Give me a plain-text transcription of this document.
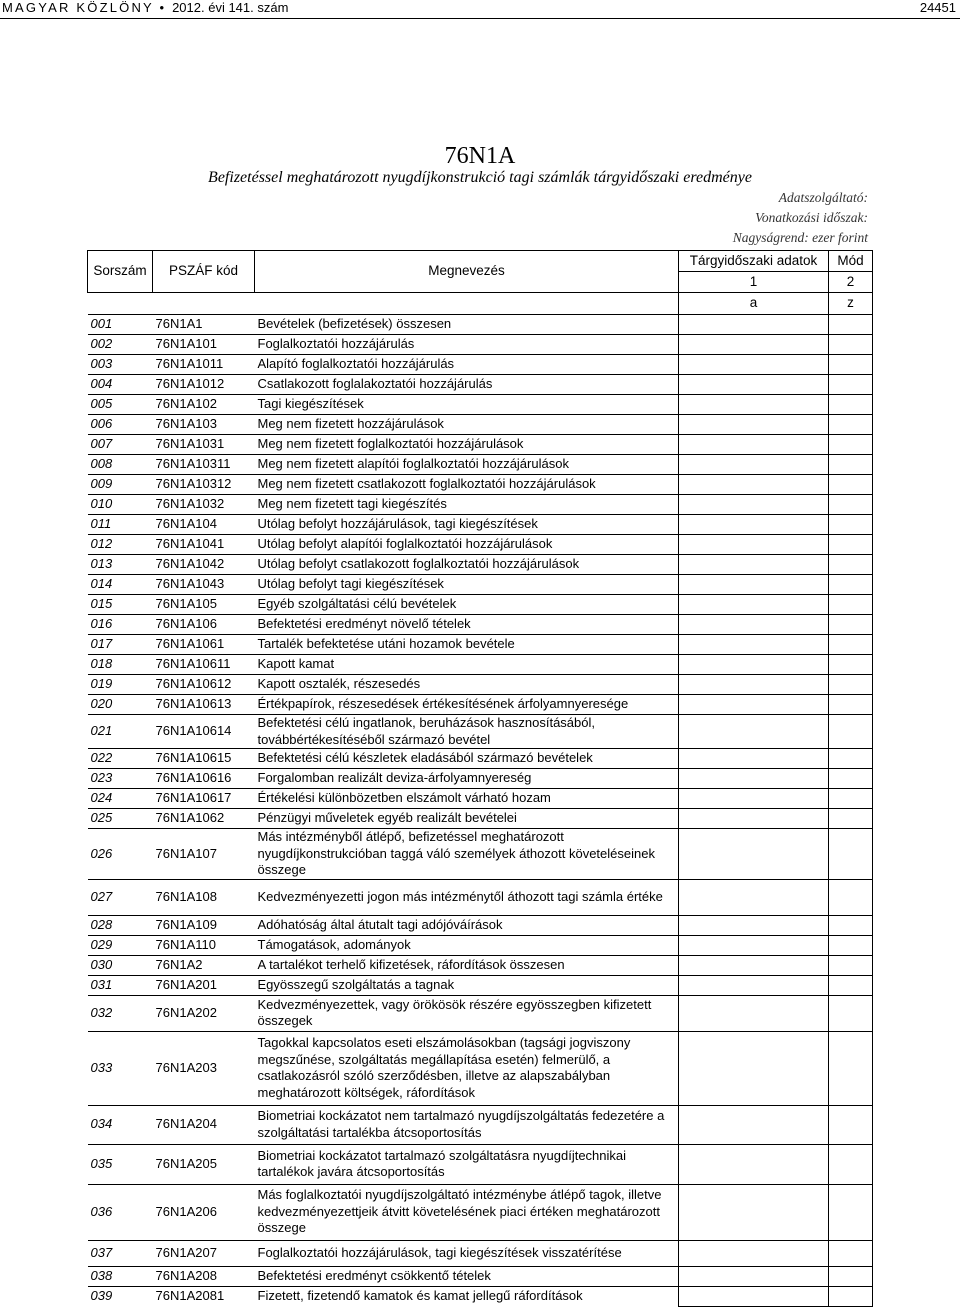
MAGYAR KÖZLÖNY • 2012. évi 141. szám	24451
76N1A
Befizetéssel meghatározott nyugdíjkonstrukció tagi számlák tárgyidőszaki eredménye
Adatszolgáltató:
Vonatkozási időszak:
Nagyságrend: ezer forint
Sorszám	PSZÁF kód	Megnevezés	Tárgyidőszaki adatok	Mód
			1	2
			a	z
001	76N1A1	Bevételek (befizetések) összesen		
002	76N1A101	Foglalkoztatói hozzájárulás		
003	76N1A1011	Alapító foglalkoztatói hozzájárulás		
004	76N1A1012	Csatlakozott foglalakoztatói hozzájárulás		
005	76N1A102	Tagi kiegészítések		
006	76N1A103	Meg nem fizetett hozzájárulások		
007	76N1A1031	Meg nem fizetett foglalkoztatói hozzájárulások		
008	76N1A10311	Meg nem fizetett alapítói foglalkoztatói hozzájárulások		
009	76N1A10312	Meg nem fizetett csatlakozott foglalkoztatói hozzájárulások		
010	76N1A1032	Meg nem fizetett tagi kiegészítés		
011	76N1A104	Utólag befolyt hozzájárulások, tagi kiegészítések		
012	76N1A1041	Utólag befolyt alapítói foglalkoztatói hozzájárulások		
013	76N1A1042	Utólag befolyt csatlakozott foglalkoztatói hozzájárulások		
014	76N1A1043	Utólag befolyt tagi kiegészítések		
015	76N1A105	Egyéb szolgáltatási célú bevételek		
016	76N1A106	Befektetési eredményt növelő tételek		
017	76N1A1061	Tartalék befektetése utáni hozamok bevétele		
018	76N1A10611	Kapott kamat		
019	76N1A10612	Kapott osztalék, részesedés		
020	76N1A10613	Értékpapírok, részesedések értékesítésének árfolyamnyeresége		
021	76N1A10614	Befektetési célú ingatlanok, beruházások hasznosításából, továbbértékesítéséből származó bevétel		
022	76N1A10615	Befektetési célú készletek eladásából származó bevételek		
023	76N1A10616	Forgalomban realizált deviza-árfolyamnyereség		
024	76N1A10617	Értékelési különbözetben elszámolt várható hozam		
025	76N1A1062	Pénzügyi műveletek egyéb realizált bevételei		
026	76N1A107	Más intézményből átlépő, befizetéssel meghatározott nyugdíjkonstrukcióban taggá váló személyek áthozott követeléseinek összege		
027	76N1A108	Kedvezményezetti jogon más intézménytől áthozott tagi számla értéke		
028	76N1A109	Adóhatóság által átutalt tagi adójóváírások		
029	76N1A110	Támogatások, adományok		
030	76N1A2	A tartalékot terhelő kifizetések, ráfordítások összesen		
031	76N1A201	Egyösszegű szolgáltatás a tagnak		
032	76N1A202	Kedvezményezettek, vagy örökösök részére egyösszegben kifizetett összegek		
033	76N1A203	Tagokkal kapcsolatos eseti elszámolásokban (tagsági jogviszony megszűnése, szolgáltatás megállapítása esetén) felmerülő, a csatlakozásról szóló szerződésben, illetve az alapszabályban meghatározott költségek, ráfordítások		
034	76N1A204	Biometriai kockázatot nem tartalmazó nyugdíjszolgáltatás fedezetére a szolgáltatási tartalékba átcsoportosítás		
035	76N1A205	Biometriai kockázatot tartalmazó szolgáltatásra nyugdíjtechnikai tartalékok javára átcsoportosítás		
036	76N1A206	Más foglalkoztatói nyugdíjszolgáltató intézménybe átlépő tagok, illetve kedvezményezettjeik átvitt követelésének piaci értéken meghatározott összege		
037	76N1A207	Foglalkoztatói hozzájárulások, tagi kiegészítések visszatérítése		
038	76N1A208	Befektetési eredményt csökkentő tételek		
039	76N1A2081	Fizetett, fizetendő kamatok és kamat jellegű ráfordítások		
